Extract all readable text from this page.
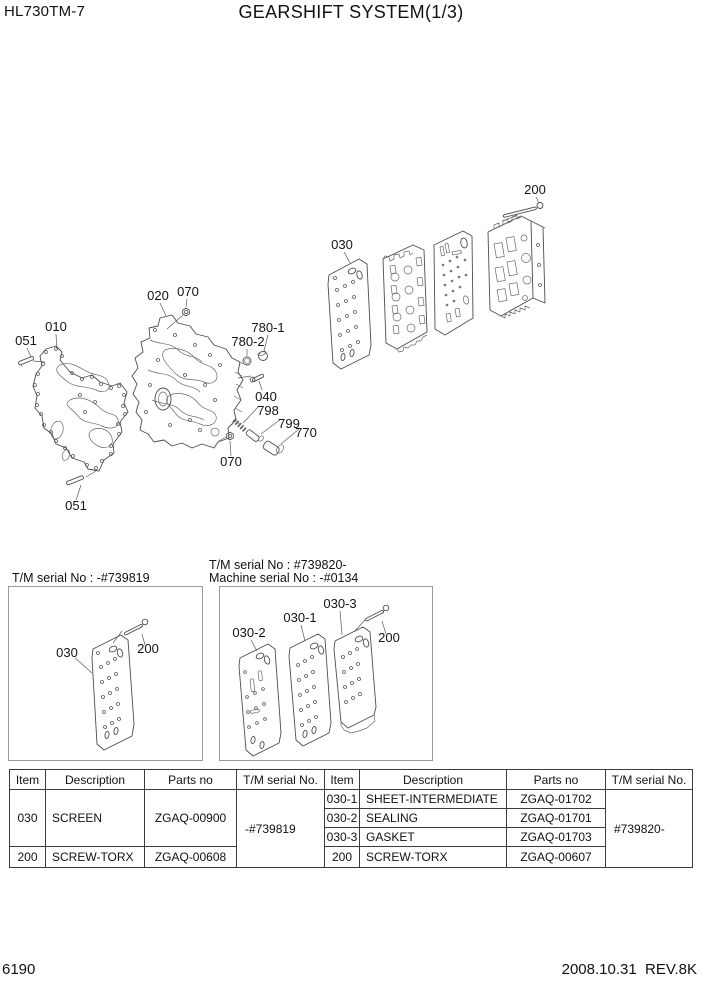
HL730TM-7	GEARSHIFT SYSTEM(1/3)
051
010
020 070
780-1
780-2
040
798
799
770
070
051
030
200
T/M serial No : -#739819
030	200
T/M serial No : #739820-
Machine serial No : -#0134
030-2
030-1
030-3
200
Item	Description	Parts no	T/M serial No.
030	SCREEN	ZGAQ-00900
-#739819
200	SCREW-TORX	ZGAQ-00608
Item	Description	Parts no	T/M serial No.
030-1 SHEET-INTERMEDIATE	ZGAQ-01702
#739820-
030-2 SEALING	ZGAQ-01701
030-3 GASKET	ZGAQ-01703
200	SCREW-TORX	ZGAQ-00607
6190	2008.10.31  REV.8K
